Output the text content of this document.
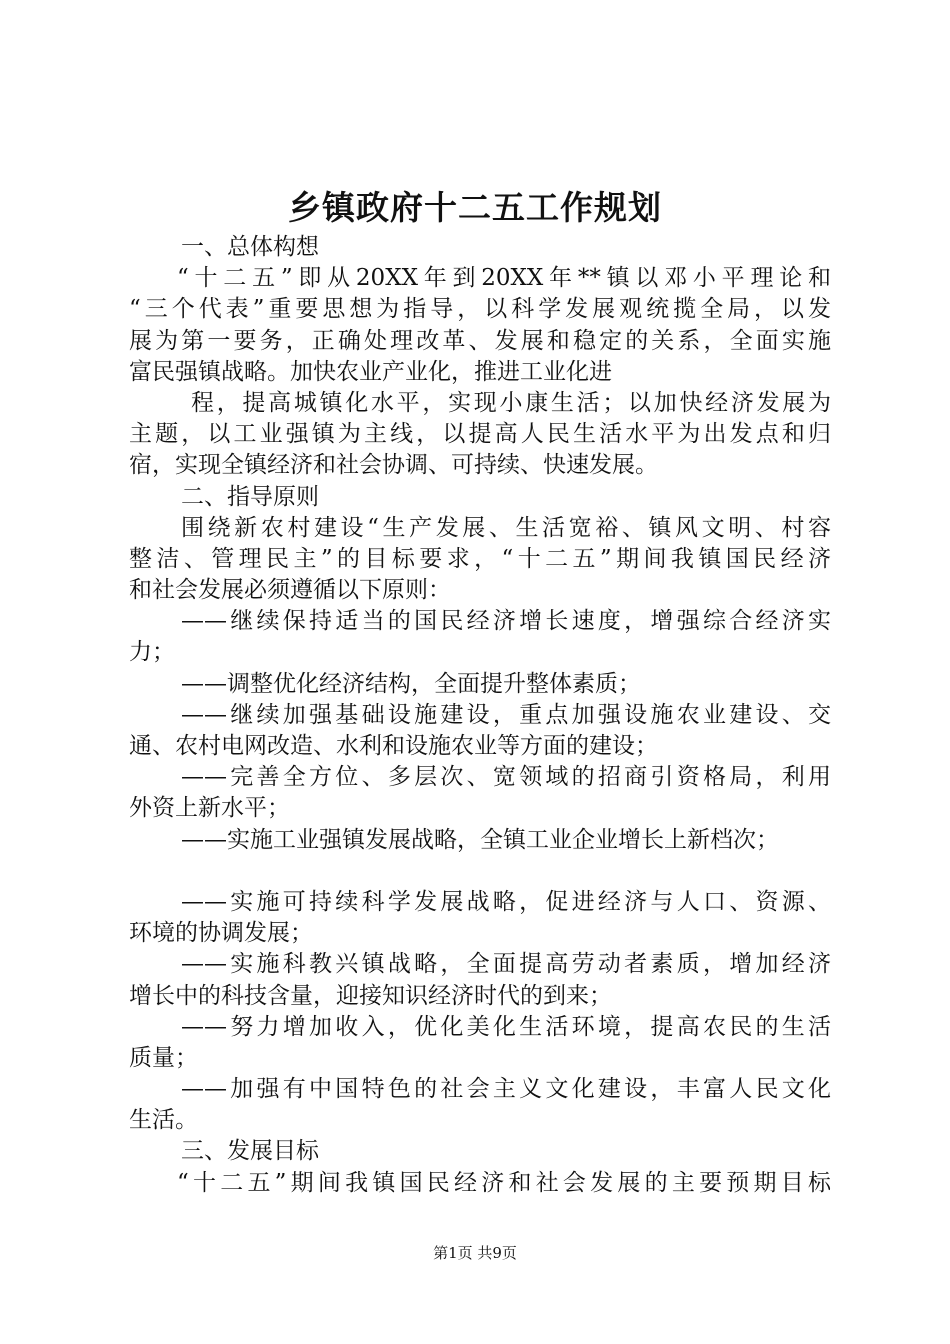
乡镇政府十二五工作规划
一、总体构想
“十二五”即从20XX年到20XX年**镇以邓小平理论和
“三个代表”重要思想为指导，以科学发展观统揽全局，以发
展为第一要务，正确处理改革、发展和稳定的关系，全面实施
富民强镇战略。加快农业产业化，推进工业化进
程，提高城镇化水平，实现小康生活；以加快经济发展为
主题，以工业强镇为主线，以提高人民生活水平为出发点和归
宿，实现全镇经济和社会协调、可持续、快速发展。
二、指导原则
围绕新农村建设“生产发展、生活宽裕、镇风文明、村容
整洁、管理民主”的目标要求，“十二五”期间我镇国民经济
和社会发展必须遵循以下原则：
——继续保持适当的国民经济增长速度，增强综合经济实
力；
——调整优化经济结构，全面提升整体素质；
——继续加强基础设施建设，重点加强设施农业建设、交
通、农村电网改造、水利和设施农业等方面的建设；
——完善全方位、多层次、宽领域的招商引资格局，利用
外资上新水平；
——实施工业强镇发展战略，全镇工业企业增长上新档次；
——实施可持续科学发展战略，促进经济与人口、资源、
环境的协调发展；
——实施科教兴镇战略，全面提高劳动者素质，增加经济
增长中的科技含量，迎接知识经济时代的到来；
——努力增加收入，优化美化生活环境，提高农民的生活
质量；
——加强有中国特色的社会主义文化建设，丰富人民文化
生活。
三、发展目标
“十二五”期间我镇国民经济和社会发展的主要预期目标
第1页 共9页
